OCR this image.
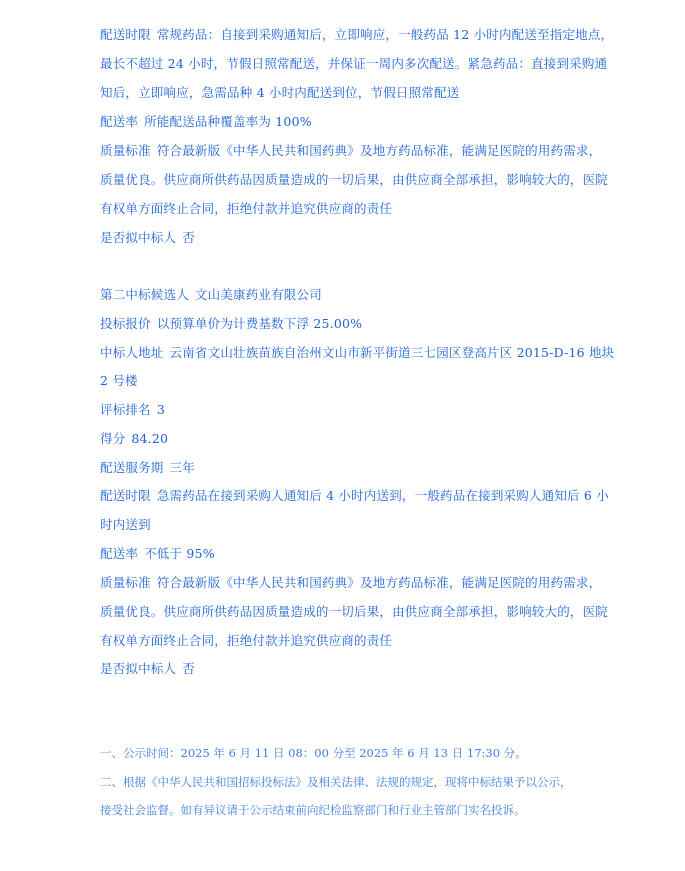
配送时限 常规药品：自接到采购通知后，立即响应，一般药品 12 小时内配送至指定地点，
最长不超过 24 小时，节假日照常配送，并保证一周内多次配送。紧急药品：直接到采购通
知后，立即响应，急需品种 4 小时内配送到位，节假日照常配送
配送率 所能配送品种覆盖率为 100%
质量标准 符合最新版《中华人民共和国药典》及地方药品标准，能满足医院的用药需求，
质量优良。供应商所供药品因质量造成的一切后果，由供应商全部承担，影响较大的，医院
有权单方面终止合同，拒绝付款并追究供应商的责任
是否拟中标人 否
第二中标候选人 文山美康药业有限公司
投标报价 以预算单价为计费基数下浮 25.00%
中标人地址 云南省文山壮族苗族自治州文山市新平街道三七园区登高片区 2015-D-16 地块
2 号楼
评标排名 3
得分 84.20
配送服务期 三年
配送时限 急需药品在接到采购人通知后 4 小时内送到，一般药品在接到采购人通知后 6 小
时内送到
配送率 不低于 95%
质量标准 符合最新版《中华人民共和国药典》及地方药品标准，能满足医院的用药需求，
质量优良。供应商所供药品因质量造成的一切后果，由供应商全部承担，影响较大的，医院
有权单方面终止合同，拒绝付款并追究供应商的责任
是否拟中标人 否
一、公示时间：2025 年 6 月 11 日 08：00 分至 2025 年 6 月 13 日 17:30 分。
二、根据《中华人民共和国招标投标法》及相关法律、法规的规定，现将中标结果予以公示，
接受社会监督。如有异议请于公示结束前向纪检监察部门和行业主管部门实名投诉。
